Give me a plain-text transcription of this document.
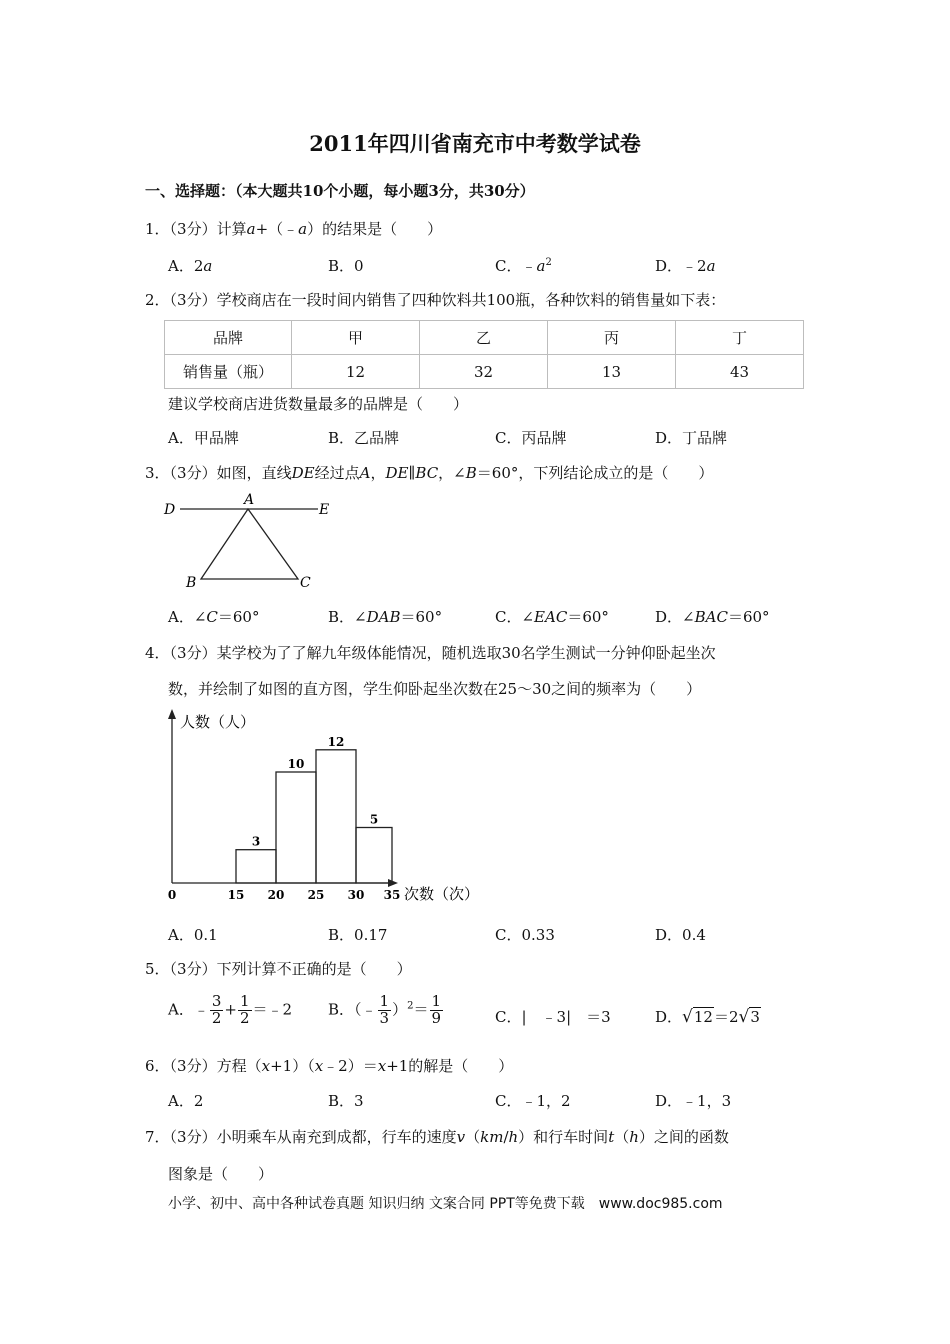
2011年四川省南充市中考数学试卷
一、选择题：（本大题共10个小题，每小题3分，共30分）
1．（3分）计算a+（﹣a）的结果是（　　）
A．2a	B．0	C．$﹣a^2$	D．﹣2a
2．（3分）学校商店在一段时间内销售了四种饮料共100瓶，各种饮料的销售量如下表：
品牌	甲	乙	丙	丁
销售量（瓶）	12	32	13	43
建议学校商店进货数量最多的品牌是（　　）
A．甲品牌	B．乙品牌	C．丙品牌	D．丁品牌
3．（3分）如图，直线DE经过点A，DE∥BC，∠B＝60°，下列结论成立的是（　　）
D	E
A
B	C
A．∠C＝60°	B．∠DAB＝60°	C．∠EAC＝60°	D．∠BAC＝60°
4．（3分）某学校为了了解九年级体能情况，随机选取30名学生测试一分钟仰卧起坐次
数，并绘制了如图的直方图，学生仰卧起坐次数在25～30之间的频率为（　　）
人数（人）
次数（次）
3
10
12
5
0	15 20 25 30 35
A．0.1	B．0.17	C．0.33	D．0.4
5．（3分）下列计算不正确的是（　　）
A．﹣ $\frac{3}{2} + \frac{1}{2}$ ＝﹣2 B．（﹣ $\frac{1}{3} )^2= \frac{1}{9}$	C．|　﹣3|　＝3	D．√12＝2√3
6．（3分）方程（x+1）（x﹣2）＝x+1的解是（　　）
A．2	B．3	C．﹣1，2	D．﹣1，3
7．（3分）小明乘车从南充到成都，行车的速度v（km/h）和行车时间t（h）之间的函数
图象是（　　）
小学、初中、高中各种试卷真题 知识归纳 文案合同 PPT等免费下载　www.doc985.com
